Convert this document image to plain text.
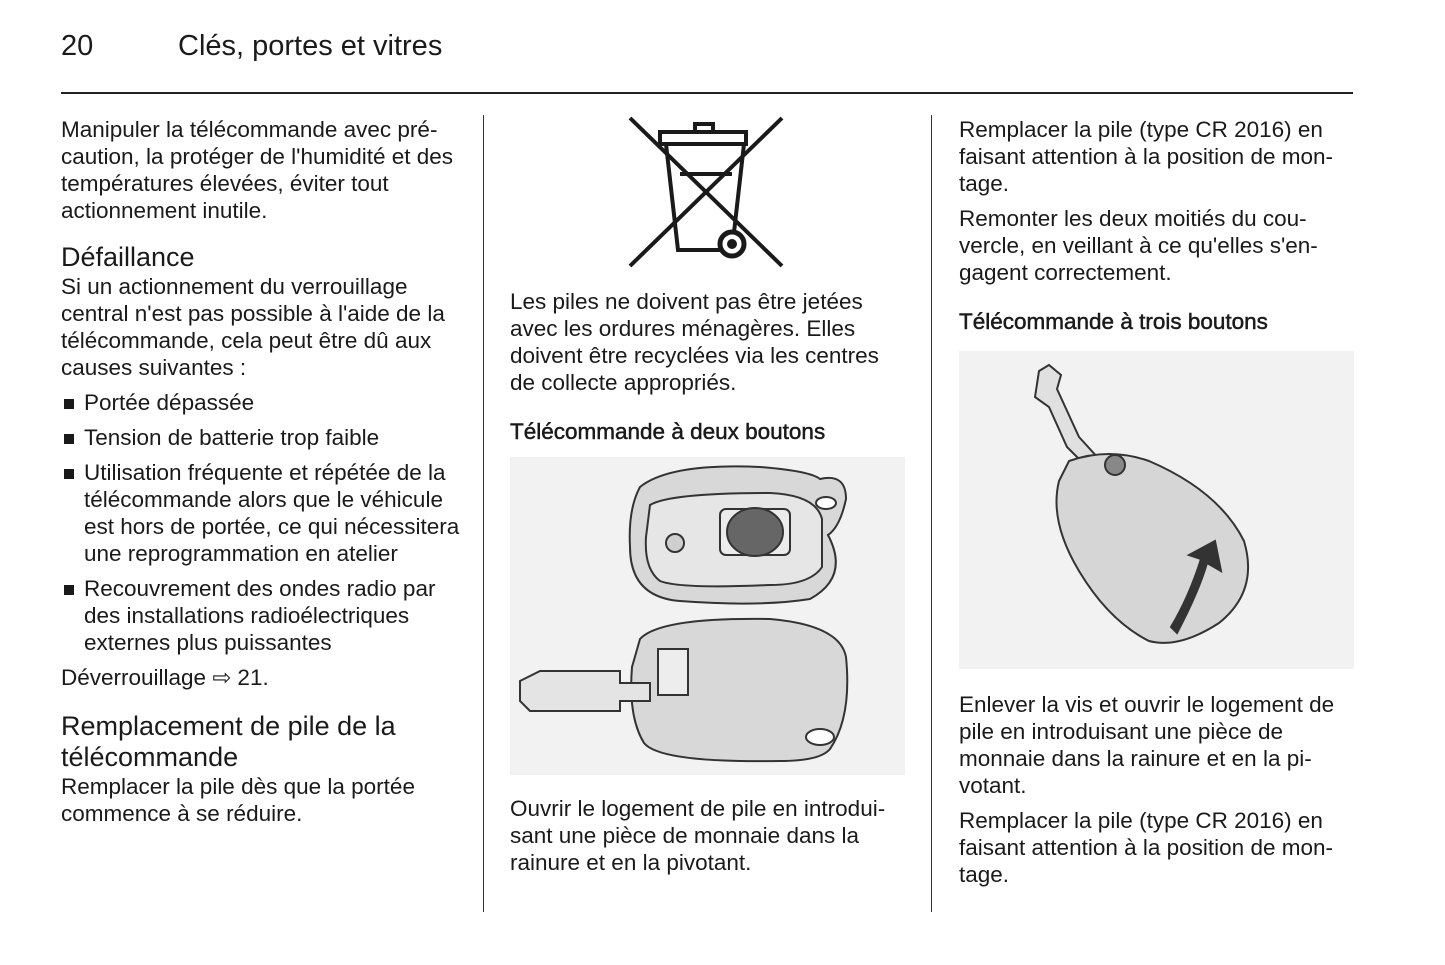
20	Clés, portes et vitres

Manipuler la télécommande avec précaution, la protéger de l'humidité et des températures élevées, éviter tout actionnement inutile.

Défaillance

Si un actionnement du verrouillage central n'est pas possible à l'aide de la télécommande, cela peut être dû aux causes suivantes :

Portée dépassée
Tension de batterie trop faible
Utilisation fréquente et répétée de la télécommande alors que le véhicule est hors de portée, ce qui nécessitera une reprogrammation en atelier
Recouvrement des ondes radio par des installations radioélectriques externes plus puissantes

Déverrouillage ⇨ 21.

Remplacement de pile de la télécommande

Remplacer la pile dès que la portée commence à se réduire.

Les piles ne doivent pas être jetées avec les ordures ménagères. Elles doivent être recyclées via les centres de collecte appropriés.

Télécommande à deux boutons

Ouvrir le logement de pile en introduisant une pièce de monnaie dans la rainure et en la pivotant.

Remplacer la pile (type CR 2016) en faisant attention à la position de montage.

Remonter les deux moitiés du couvercle, en veillant à ce qu'elles s'engagent correctement.

Télécommande à trois boutons

Enlever la vis et ouvrir le logement de pile en introduisant une pièce de monnaie dans la rainure et en la pivotant.

Remplacer la pile (type CR 2016) en faisant attention à la position de montage.
